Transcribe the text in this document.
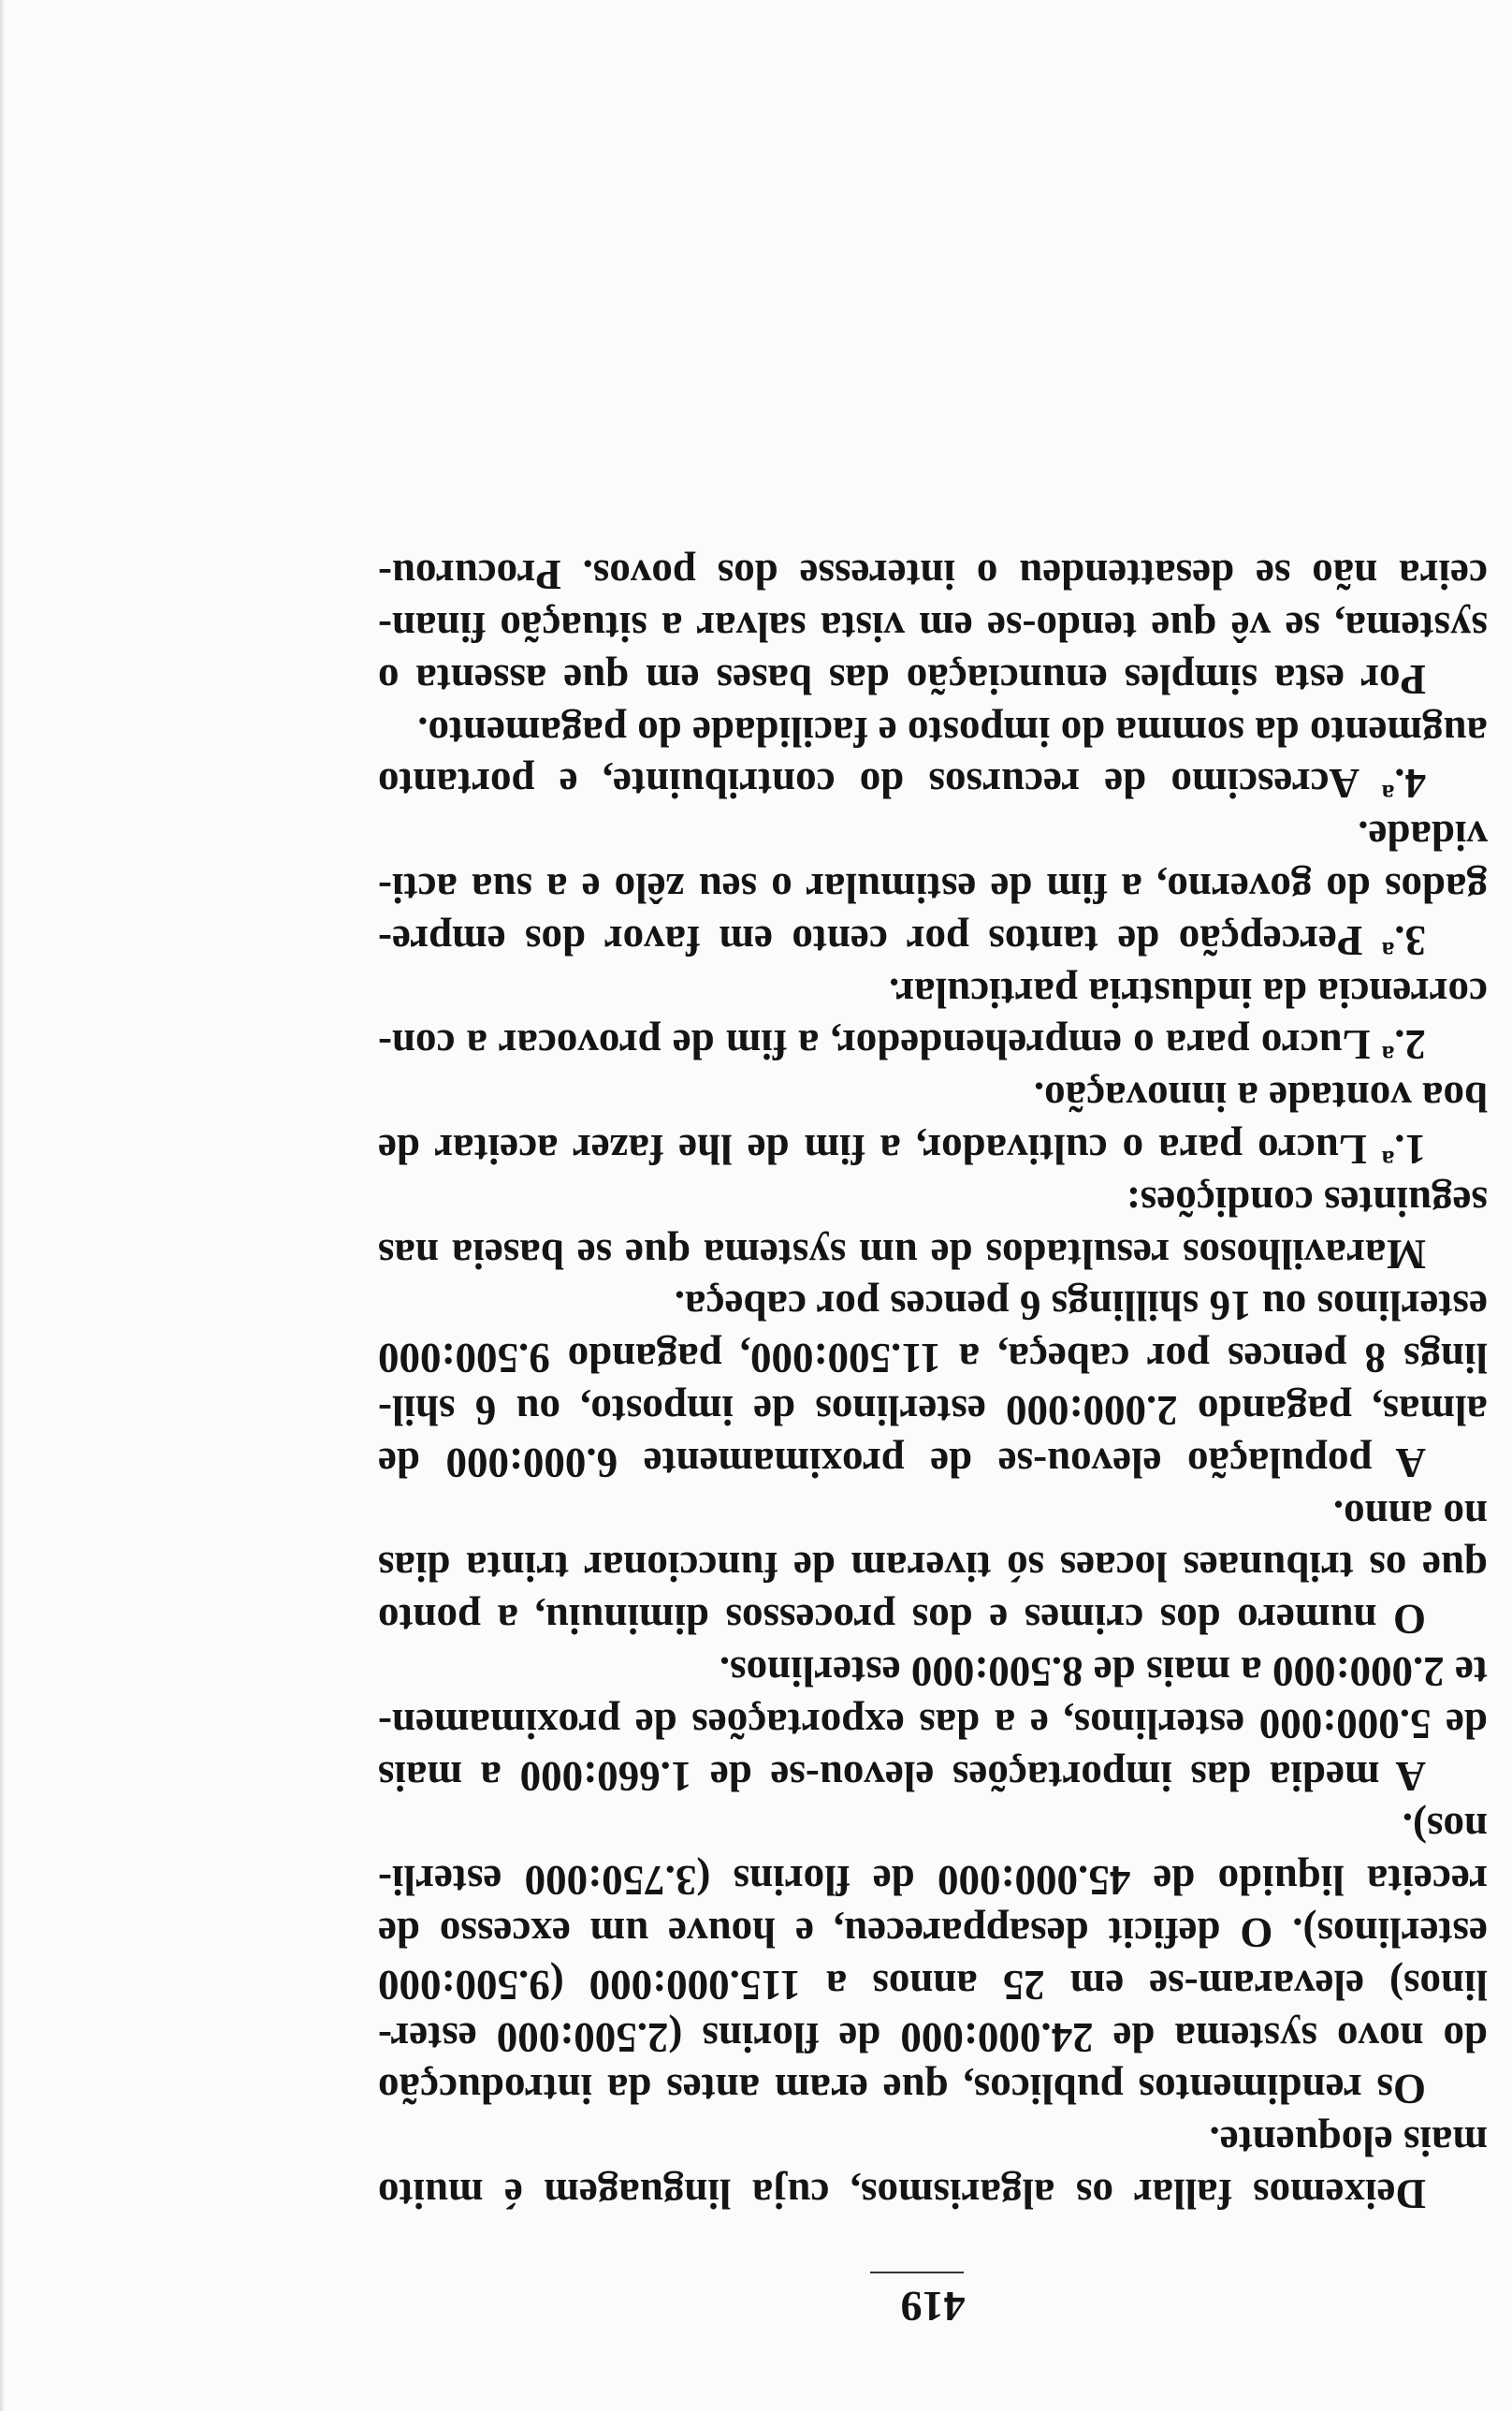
419
Deixemos fallar os algarismos, cuja linguagem é muito
mais eloquente.
Os rendimentos publicos, que eram antes da introducção
do novo systema de 24.000:000 de florins (2.500:000 ester-
linos) elevaram-se em 25 annos a 115.000:000 (9.500:000
esterlinos). O deficit desappareceu, e houve um excesso de
receita liquido de 45.000:000 de florins (3.750:000 esterli-
nos).
A media das importações elevou-se de 1.660:000 a mais
de 5.000:000 esterlinos, e a das exportações de proximamen-
te 2.000:000 a mais de 8.500:000 esterlinos.
O numero dos crimes e dos processos diminuiu, a ponto
que os tribunaes locaes só tiveram de funccionar trinta dias
no anno.
A população elevou-se de proximamente 6.000:000 de
almas, pagando 2.000:000 esterlinos de imposto, ou 6 shil-
lings 8 pences por cabeça, a 11.500:000, pagando 9.500:000
esterlinos ou 16 shillings 6 pences por cabeça.
Maravilhosos resultados de um systema que se baseia nas
seguintes condições:
1.ª Lucro para o cultivador, a fim de lhe fazer aceitar de
boa vontade a innovação.
2.ª Lucro para o emprehendedor, a fim de provocar a con-
correncia da industria particular.
3.ª Percepção de tantos por cento em favor dos empre-
gados do governo, a fim de estimular o seu zêlo e a sua acti-
vidade.
4.ª Acrescimo de recursos do contribuinte, e portanto
augmento da somma do imposto e facilidade do pagamento.
Por esta simples enunciação das bases em que assenta o
systema, se vê que tendo-se em vista salvar a situação finan-
ceira não se desattendeu o interesse dos povos. Procurou-
